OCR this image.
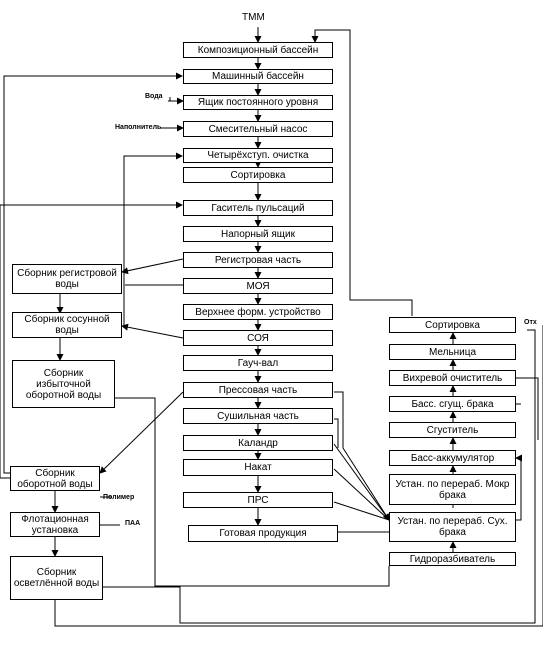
ТММ
Композиционный бассейн
Машинный бассейн
Ящик постоянного уровня
Смесительный насос
Четырёхступ. очистка
Сортировка
Гаситель пульсаций
Напорный ящик
Регистровая часть
МОЯ
Верхнее форм. устройство
СОЯ
Гауч-вал
Прессовая часть
Сушильная часть
Каландр
Накат
ПРС
Готовая продукция
Сборник регистровой воды
Сборник сосунной воды
Сборник избыточной оборотной воды
Сборник оборотной воды
Флотационная установка
Сборник осветлённой воды
Сортировка
Мельница
Вихревой очиститель
Басс. сгущ. брака
Сгуститель
Басс-аккумулятор
Устан. по перераб. Мокр брака
Устан. по перераб. Сух. брака
Гидроразбиватель
Вода
Наполнитель
Полимер
ПАА
Отх
